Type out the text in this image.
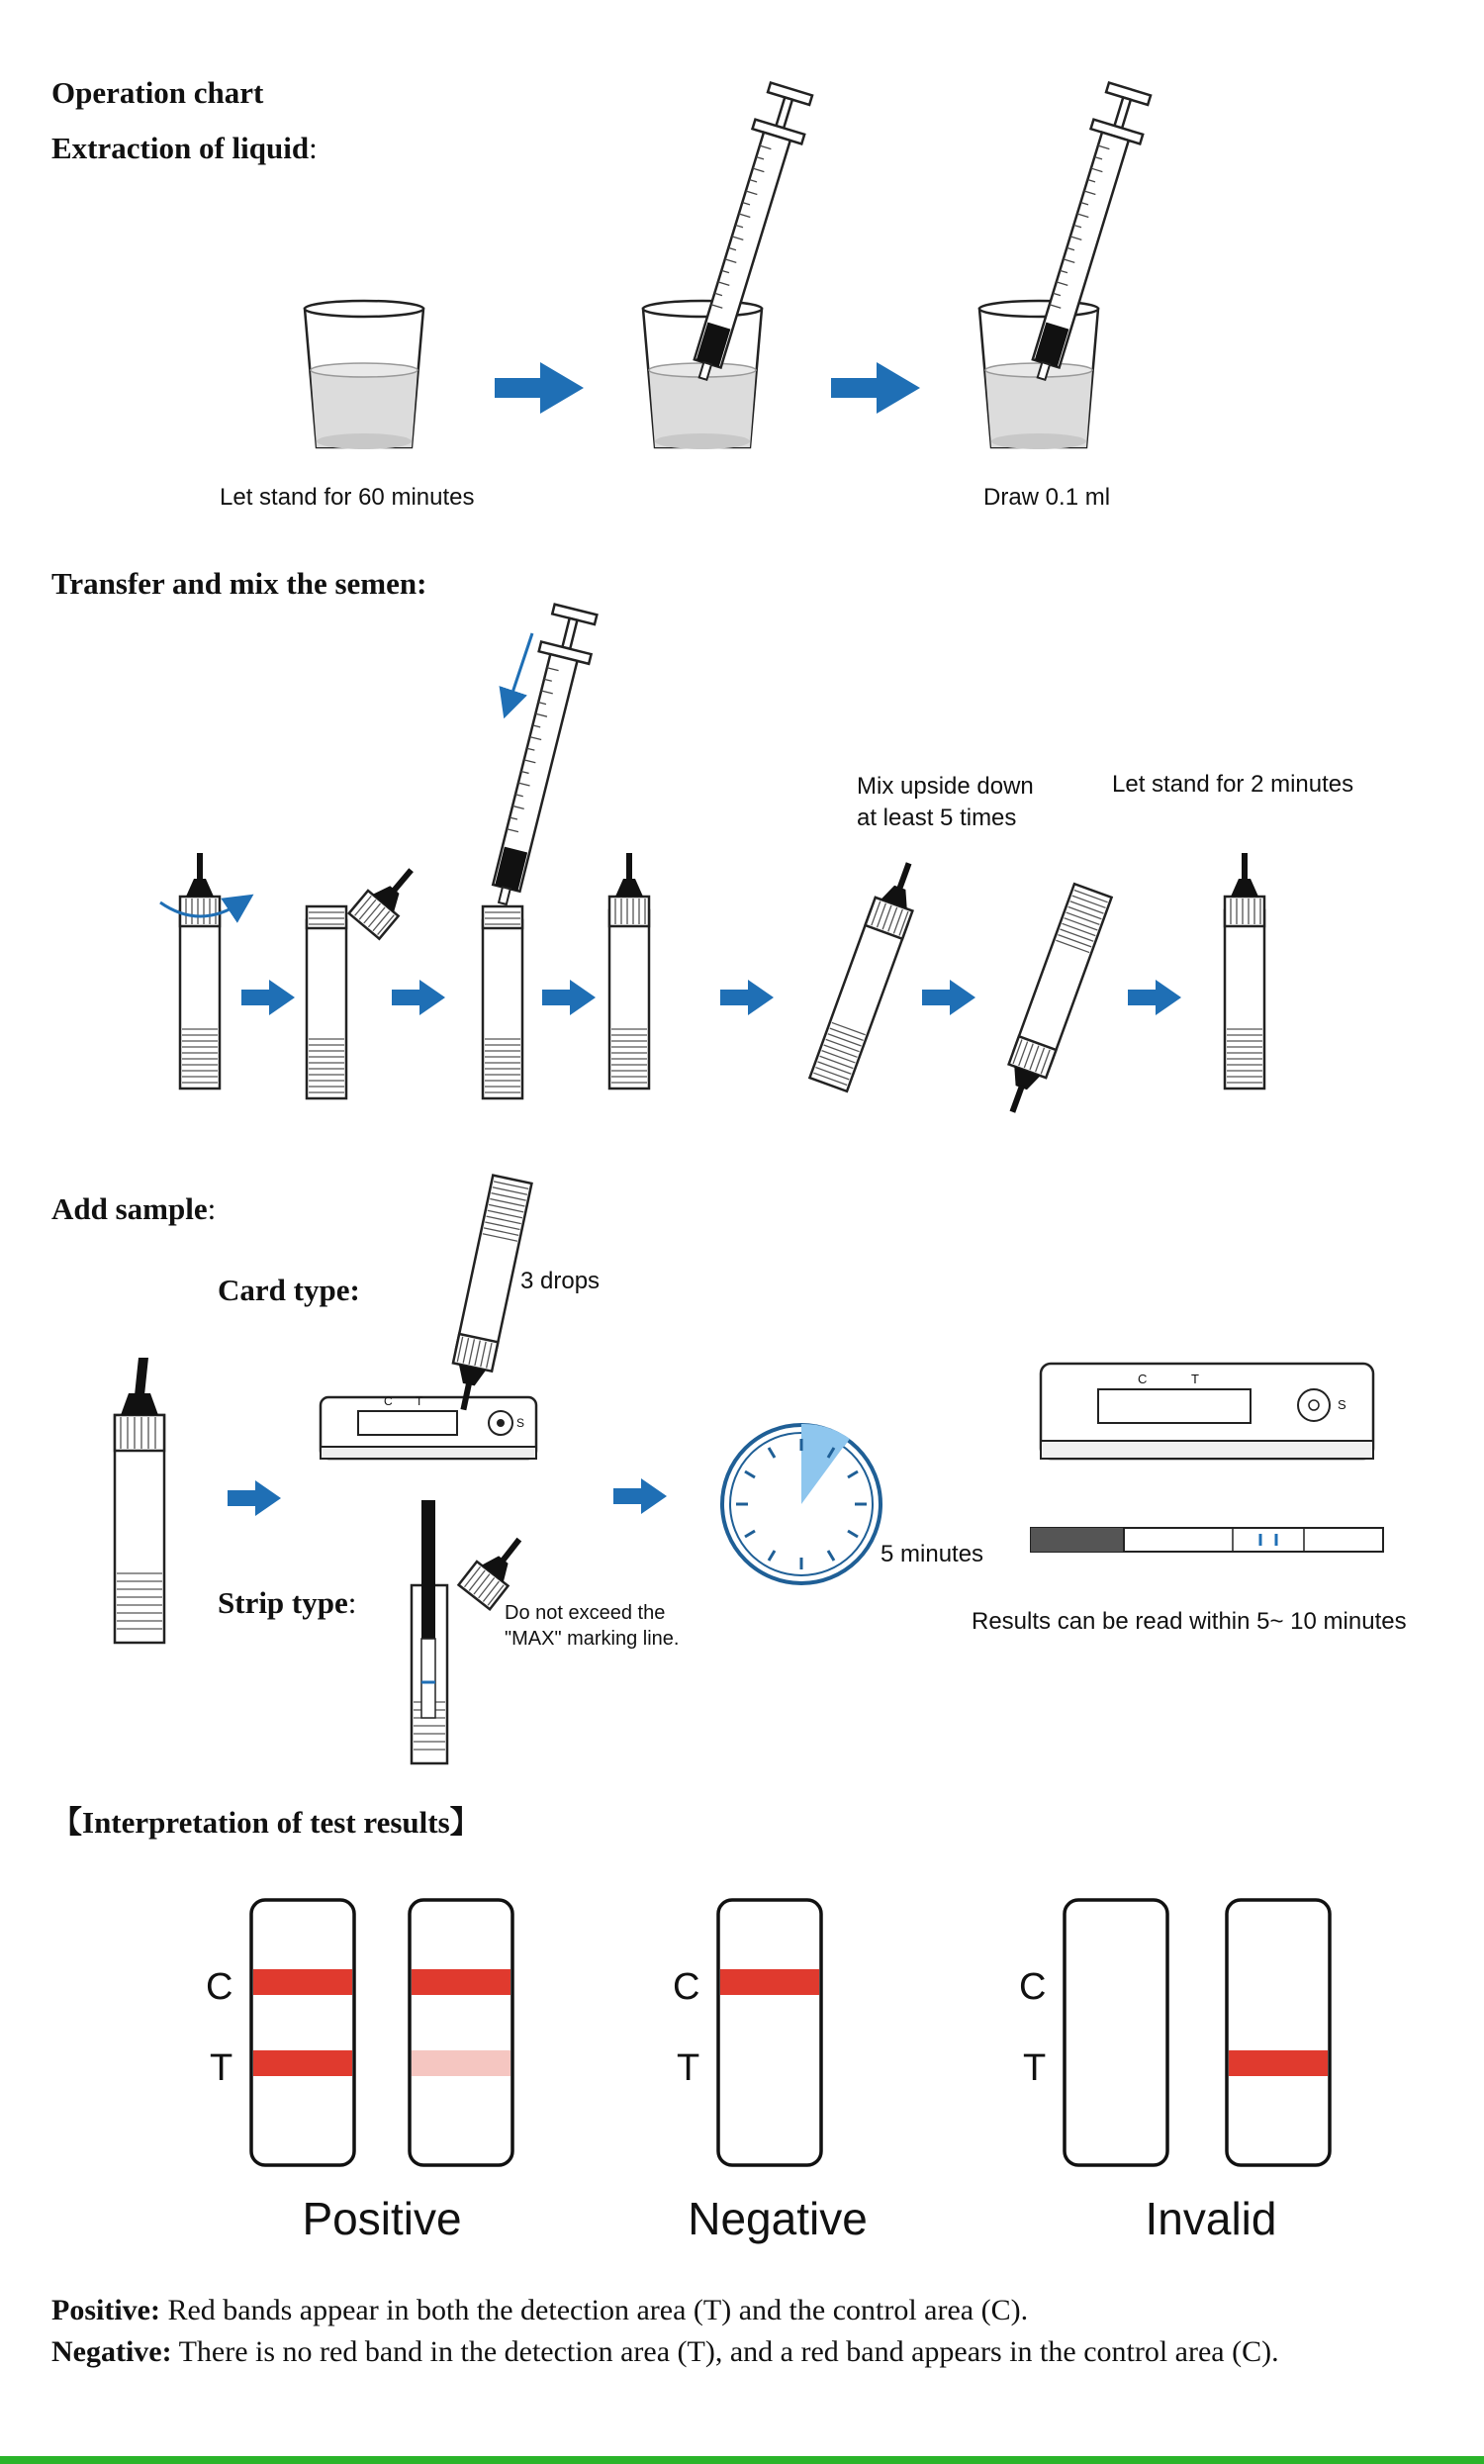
Operation chart
Extraction of liquid:
Let stand for 60 minutes	Draw 0.1 ml
Transfer and mix the semen:
Mix upside down
at least 5 times
Let stand for 2 minutes
Add sample:
Card type:
Strip type:
C T
S
3 drops
Do not exceed the
"MAX" marking line.
5 minutes
C	T
S
Results can be read within 5~ 10 minutes
【Interpretation of test results】
C
T
Positive
C
T
Negative
C
T
Invalid
Positive: Red bands appear in both the detection area (T) and the control area (C).
Negative: There is no red band in the detection area (T), and a red band appears in the control area (C).
